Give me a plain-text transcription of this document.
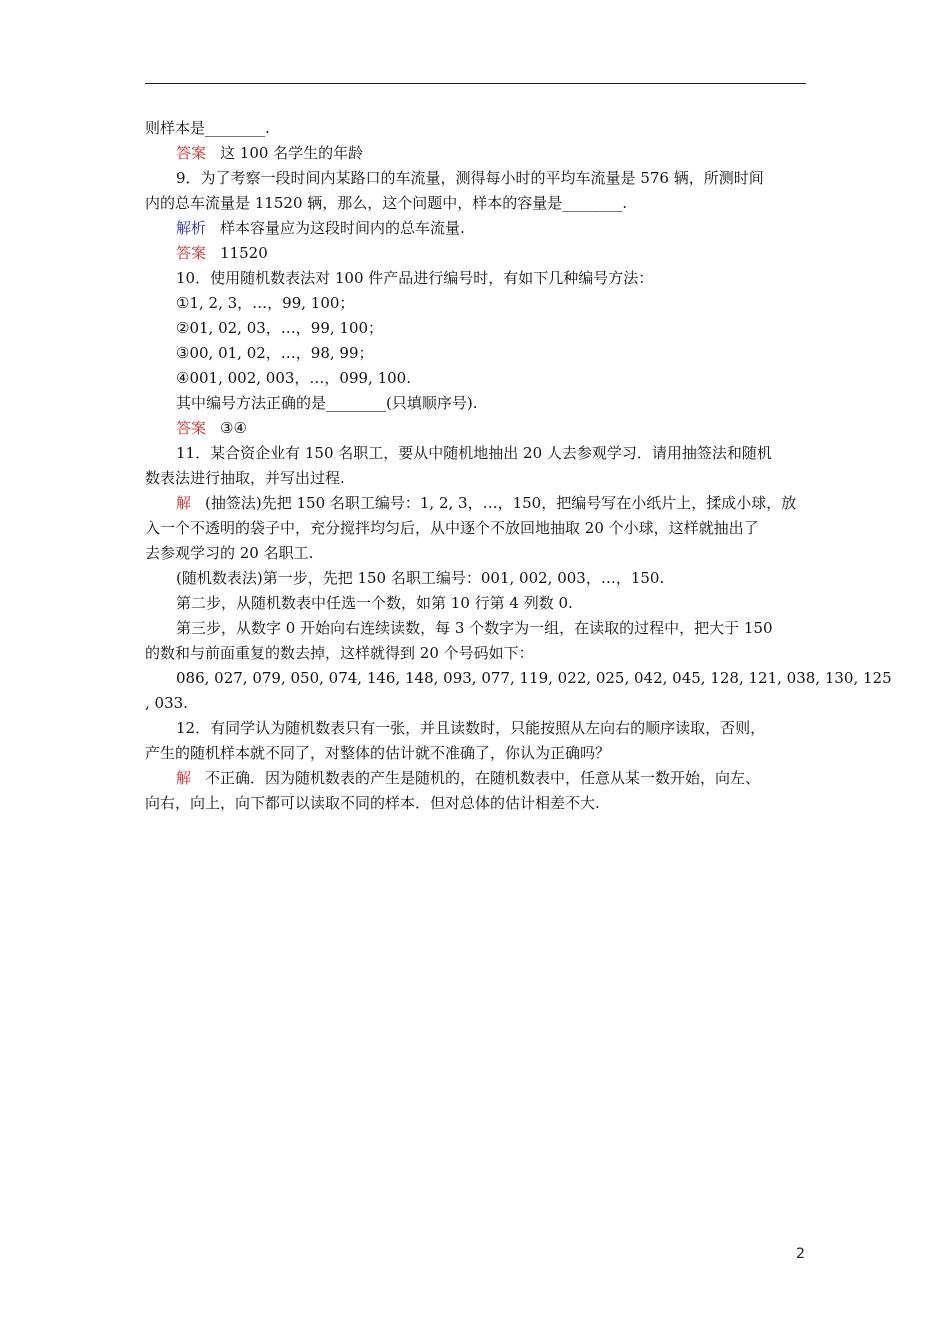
则样本是________.
答案 这 100 名学生的年龄
9．为了考察一段时间内某路口的车流量，测得每小时的平均车流量是 576 辆，所测时间
内的总车流量是 11520 辆，那么，这个问题中，样本的容量是________.
解析 样本容量应为这段时间内的总车流量.
答案 11520
10．使用随机数表法对 100 件产品进行编号时，有如下几种编号方法：
①1, 2, 3，…，99, 100；
②01, 02, 03，…，99, 100；
③00, 01, 02，…，98, 99；
④001, 002, 003，…，099, 100.
其中编号方法正确的是________(只填顺序号).
答案 ③④
11．某合资企业有 150 名职工，要从中随机地抽出 20 人去参观学习．请用抽签法和随机
数表法进行抽取，并写出过程.
解 (抽签法)先把 150 名职工编号：1, 2, 3，…，150，把编号写在小纸片上，揉成小球，放
入一个不透明的袋子中，充分搅拌均匀后，从中逐个不放回地抽取 20 个小球，这样就抽出了
去参观学习的 20 名职工.
(随机数表法)第一步，先把 150 名职工编号：001, 002, 003，…，150.
第二步，从随机数表中任选一个数，如第 10 行第 4 列数 0.
第三步，从数字 0 开始向右连续读数，每 3 个数字为一组，在读取的过程中，把大于 150
的数和与前面重复的数去掉，这样就得到 20 个号码如下：
086, 027, 079, 050, 074, 146, 148, 093, 077, 119, 022, 025, 042, 045, 128, 121, 038, 130, 125
, 033.
12．有同学认为随机数表只有一张，并且读数时，只能按照从左向右的顺序读取，否则，
产生的随机样本就不同了，对整体的估计就不准确了，你认为正确吗？
解 不正确．因为随机数表的产生是随机的，在随机数表中，任意从某一数开始，向左、
向右，向上，向下都可以读取不同的样本．但对总体的估计相差不大.
2
